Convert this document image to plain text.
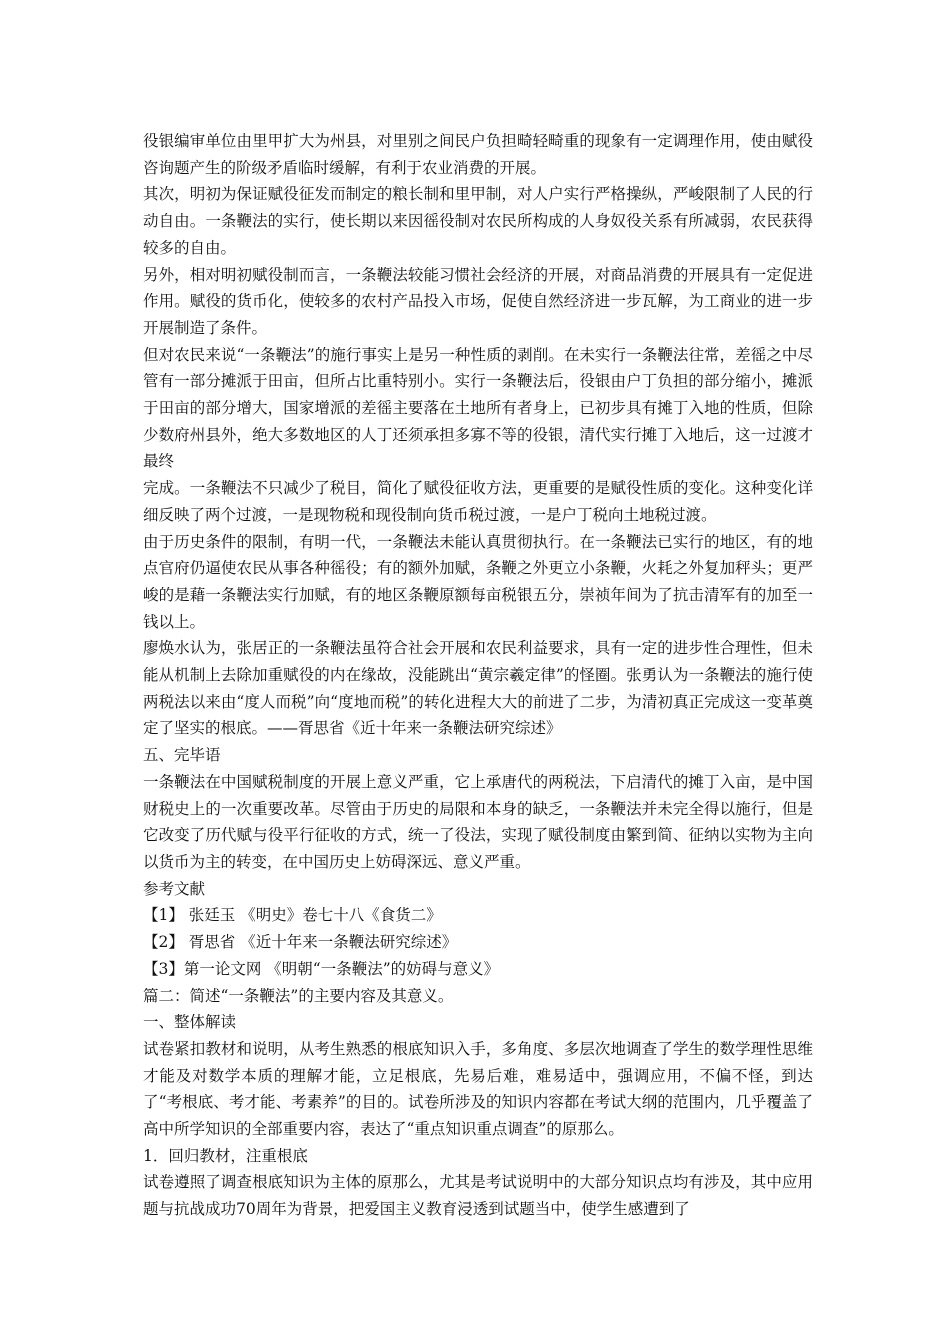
役银编审单位由里甲扩大为州县，对里别之间民户负担畸轻畸重的现象有一定调理作用，使由赋役咨询题产生的阶级矛盾临时缓解，有利于农业消费的开展。

其次，明初为保证赋役征发而制定的粮长制和里甲制，对人户实行严格操纵，严峻限制了人民的行动自由。一条鞭法的实行，使长期以来因徭役制对农民所构成的人身奴役关系有所减弱，农民获得较多的自由。

另外，相对明初赋役制而言，一条鞭法较能习惯社会经济的开展，对商品消费的开展具有一定促进作用。赋役的货币化，使较多的农村产品投入市场，促使自然经济进一步瓦解，为工商业的进一步开展制造了条件。

但对农民来说“一条鞭法”的施行事实上是另一种性质的剥削。在未实行一条鞭法往常，差徭之中尽管有一部分摊派于田亩，但所占比重特别小。实行一条鞭法后，役银由户丁负担的部分缩小，摊派于田亩的部分增大，国家增派的差徭主要落在土地所有者身上，已初步具有摊丁入地的性质，但除少数府州县外，绝大多数地区的人丁还须承担多寡不等的役银，清代实行摊丁入地后，这一过渡才最终

完成。一条鞭法不只减少了税目，简化了赋役征收方法，更重要的是赋役性质的变化。这种变化详细反映了两个过渡，一是现物税和现役制向货币税过渡，一是户丁税向土地税过渡。

由于历史条件的限制，有明一代，一条鞭法未能认真贯彻执行。在一条鞭法已实行的地区，有的地点官府仍逼使农民从事各种徭役；有的额外加赋，条鞭之外更立小条鞭，火耗之外复加秤头；更严峻的是藉一条鞭法实行加赋，有的地区条鞭原额每亩税银五分，崇祯年间为了抗击清军有的加至一钱以上。

廖焕水认为，张居正的一条鞭法虽符合社会开展和农民利益要求，具有一定的进步性合理性，但未能从机制上去除加重赋役的内在缘故，没能跳出“黄宗羲定律”的怪圈。张勇认为一条鞭法的施行使两税法以来由“度人而税”向“度地而税”的转化进程大大的前进了二步，为清初真正完成这一变革奠定了坚实的根底。——胥思省《近十年来一条鞭法研究综述》

五、完毕语

一条鞭法在中国赋税制度的开展上意义严重，它上承唐代的两税法，下启清代的摊丁入亩，是中国财税史上的一次重要改革。尽管由于历史的局限和本身的缺乏，一条鞭法并未完全得以施行，但是它改变了历代赋与役平行征收的方式，统一了役法，实现了赋役制度由繁到简、征纳以实物为主向以货币为主的转变，在中国历史上妨碍深远、意义严重。

参考文献

【1】 张廷玉 《明史》卷七十八《食货二》

【2】 胥思省 《近十年来一条鞭法研究综述》

【3】第一论文网 《明朝“一条鞭法”的妨碍与意义》

篇二：简述“一条鞭法”的主要内容及其意义。

一、整体解读

试卷紧扣教材和说明，从考生熟悉的根底知识入手，多角度、多层次地调查了学生的数学理性思维才能及对数学本质的理解才能，立足根底，先易后难，难易适中，强调应用，不偏不怪，到达了“考根底、考才能、考素养”的目的。试卷所涉及的知识内容都在考试大纲的范围内，几乎覆盖了高中所学知识的全部重要内容，表达了“重点知识重点调查”的原那么。

1．回归教材，注重根底

试卷遵照了调查根底知识为主体的原那么，尤其是考试说明中的大部分知识点均有涉及，其中应用题与抗战成功70周年为背景，把爱国主义教育浸透到试题当中，使学生感遭到了
